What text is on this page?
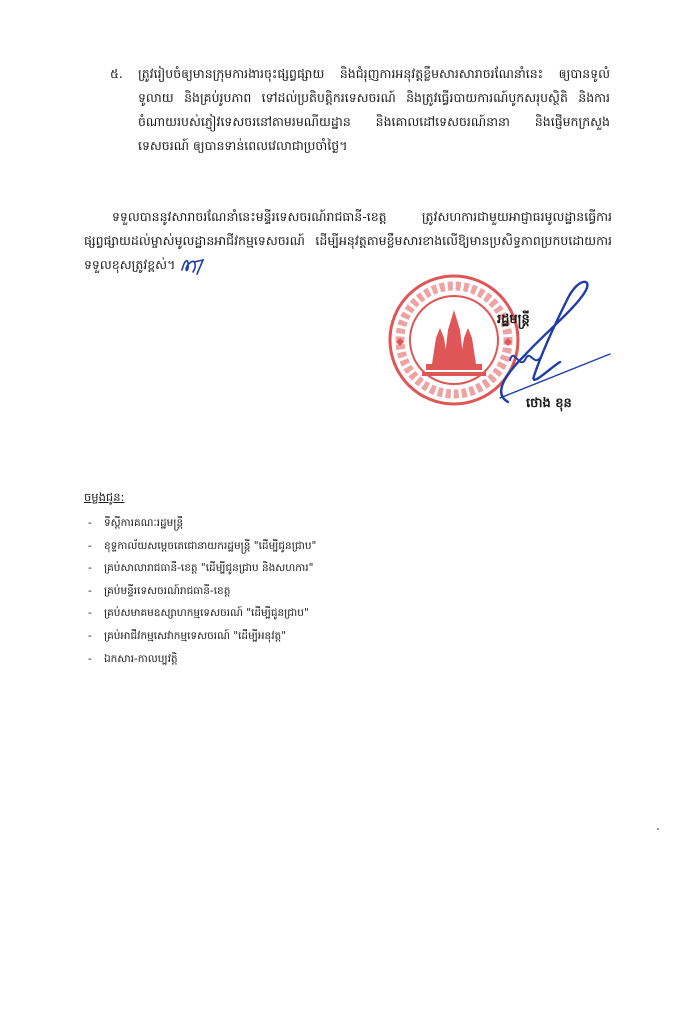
៥.	ត្រូវរៀបចំឲ្យមានក្រុមការងារចុះផ្សព្វផ្សាយ និងជំរុញការអនុវត្តខ្លឹមសារសារាចរណែនាំនេះ ឲ្យបានទូលំទូលាយ និងគ្រប់រូបភាព ទៅដល់ប្រតិបត្តិករទេសចរណ៍ និងត្រូវធ្វើរបាយការណ៍បូកសរុបស្ថិតិ និងការចំណាយរបស់ភ្ញៀវទេសចរនៅតាមរមណីយដ្ឋាន និងគោលដៅទេសចរណ៍នានា និងផ្ញើមកក្រសួងទេសចរណ៍ ឲ្យបានទាន់ពេលវេលាជាប្រចាំថ្ងៃ។
ទទួលបាននូវសារាចរណែនាំនេះមន្ទីរទេសចរណ៍រាជធានី-ខេត្ត ត្រូវសហការជាមួយអាជ្ញាធរមូលដ្ឋានធ្វើការផ្សព្វផ្សាយដល់ម្ចាស់មូលដ្ឋានអាជីវកម្មទេសចរណ៍ ដើម្បីអនុវត្តតាមខ្លឹមសារខាងលើឱ្យមានប្រសិទ្ធភាពប្រកបដោយការទទួលខុសត្រូវខ្ពស់។
រដ្ឋមន្ត្រី
ថោង ខុន
ចម្លងជូន:
- ទីស្តីការគណៈរដ្ឋមន្ត្រី
- ខុទ្ទកាល័យសម្តេចតេជោនាយករដ្ឋមន្ត្រី "ដើម្បីជូនជ្រាប"
- គ្រប់សាលារាជធានី-ខេត្ត "ដើម្បីជូនជ្រាប និងសហការ"
- គ្រប់មន្ទីរទេសចរណ៍រាជធានី-ខេត្ត
- គ្រប់សមាគមឧស្សាហកម្មទេសចរណ៍ "ដើម្បីជូនជ្រាប"
- គ្រប់អាជីវកម្មសេវាកម្មទេសចរណ៍ "ដើម្បីអនុវត្ត"
- ឯកសារ-កាលប្បវត្តិ
